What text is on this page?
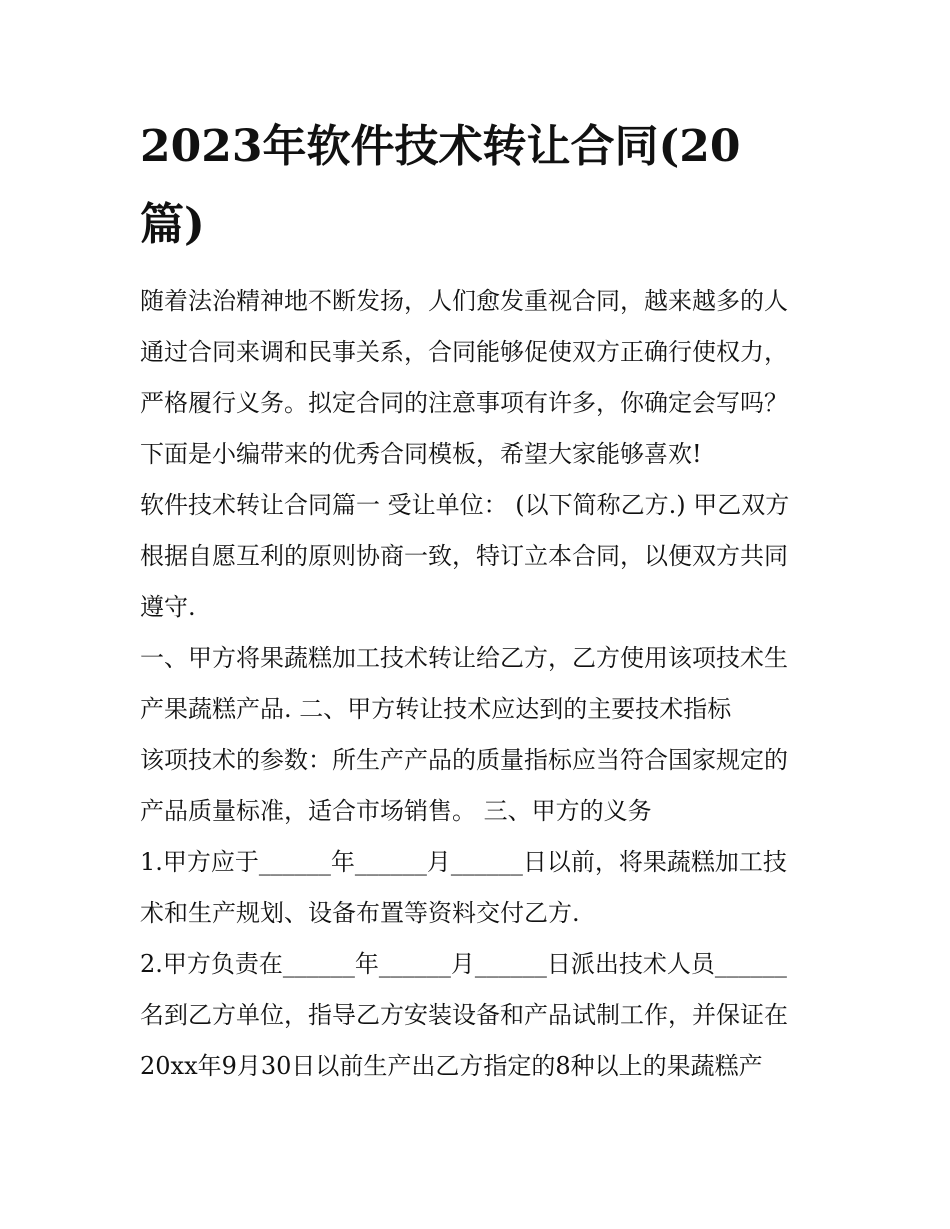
2023年软件技术转让合同(20
篇)
随着法治精神地不断发扬，人们愈发重视合同，越来越多的人
通过合同来调和民事关系，合同能够促使双方正确行使权力，
严格履行义务。拟定合同的注意事项有许多，你确定会写吗？
下面是小编带来的优秀合同模板，希望大家能够喜欢!
软件技术转让合同篇一 受让单位： (以下简称乙方.) 甲乙双方
根据自愿互利的原则协商一致，特订立本合同，以便双方共同
遵守.
一、甲方将果蔬糕加工技术转让给乙方，乙方使用该项技术生
产果蔬糕产品. 二、甲方转让技术应达到的主要技术指标
该项技术的参数：所生产产品的质量指标应当符合国家规定的
产品质量标准，适合市场销售。 三、甲方的义务
1.甲方应于______年______月______日以前，将果蔬糕加工技
术和生产规划、设备布置等资料交付乙方.
2.甲方负责在______年______月______日派出技术人员______
名到乙方单位，指导乙方安装设备和产品试制工作，并保证在
20xx年9月30日以前生产出乙方指定的8种以上的果蔬糕产
